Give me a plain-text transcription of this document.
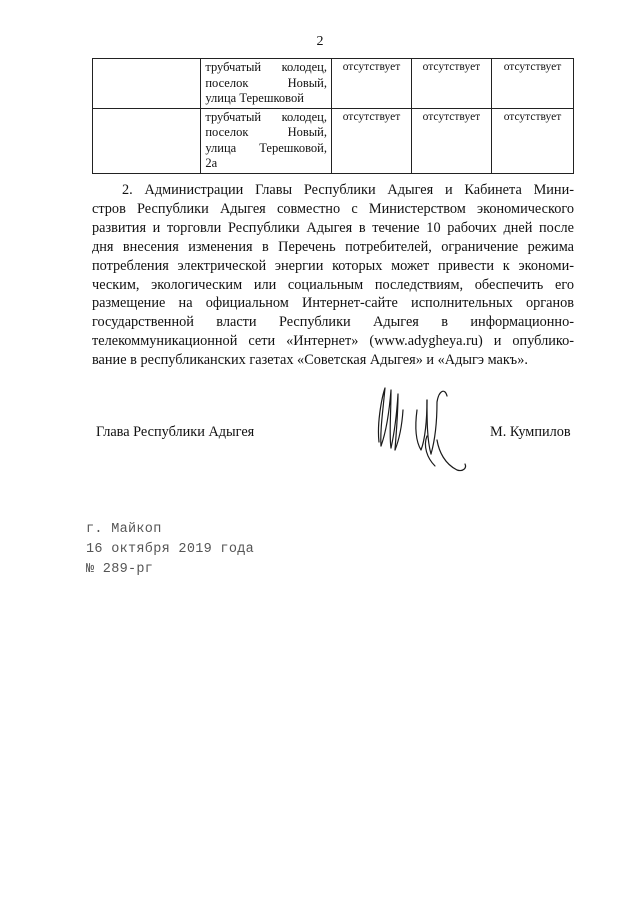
2

	трубчатый колодец,
поселок Новый,
улица Терешковой	отсутствует	отсутствует	отсутствует

	трубчатый колодец,
поселок Новый,
улица Терешковой,
2а	отсутствует	отсутствует	отсутствует
2. Администрации Главы Республики Адыгея и Кабинета Мини-
стров Республики Адыгея совместно с Министерством экономического
развития и торговли Республики Адыгея в течение 10 рабочих дней после
дня внесения изменения в Перечень потребителей, ограничение режима
потребления электрической энергии которых может привести к экономи-
ческим, экологическим или социальным последствиям, обеспечить его
размещение на официальном Интернет-сайте исполнительных органов
государственной власти Республики Адыгея в информационно-
телекоммуникационной сети «Интернет» (www.adygheya.ru) и опублико-
вание в республиканских газетах «Советская Адыгея» и «Адыгэ макъ».
Глава Республики Адыгея	М. Кумпилов
г. Майкоп
16 октября 2019 года
№ 289-рг
